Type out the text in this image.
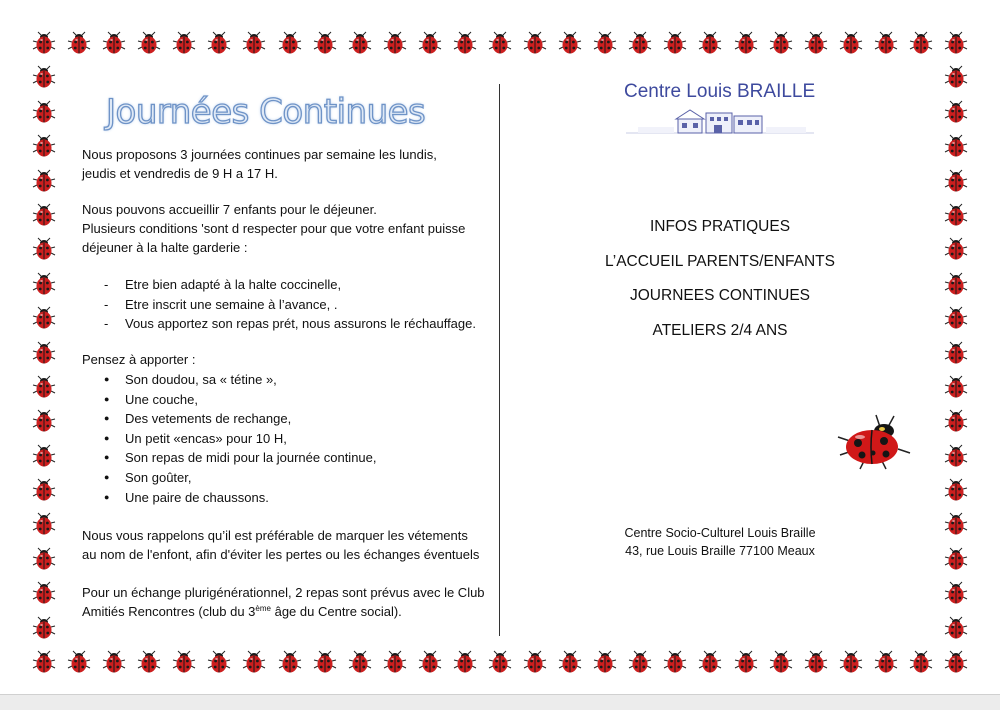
Journées Continues

Nous proposons 3 journées continues par semaine les lundis,
jeudis et vendredis de 9 H a 17 H.

Nous pouvons accueillir 7 enfants pour le déjeuner.
Plusieurs conditions 'sont d respecter pour que votre enfant puisse
déjeuner à la halte garderie :

- Etre bien adapté à la halte coccinelle,
- Etre inscrit une semaine à l’avance, .
- Vous apportez son repas prét, nous assurons le réchauffage.

Pensez à apporter :

● Son doudou, sa « tétine »,
● Une couche,
● Des vetements de rechange,
● Un petit «encas» pour 10 H,
● Son repas de midi pour la journée continue,
● Son goûter,
● Une paire de chaussons.

Nous vous rappelons qu’il est préférable de marquer les vétements
au nom de l'enfont, afin d'éviter les pertes ou les échanges éventuels

Pour un échange plurigénérationnel, 2 repas sont prévus avec le Club
Amitiés Rencontres (club du 3ème âge du Centre social).

Centre Louis BRAILLE
INFOS PRATIQUES
L’ACCUEIL PARENTS/ENFANTS
JOURNEES CONTINUES
ATELIERS 2/4 ANS
Centre Socio-Culturel Louis Braille
43, rue Louis Braille 77100 Meaux
